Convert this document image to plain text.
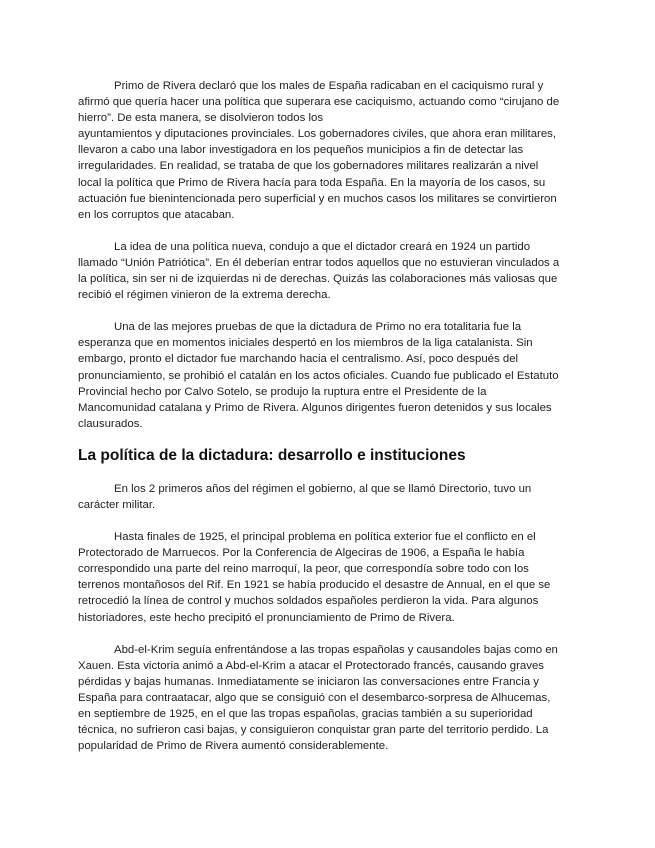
Primo de Rivera declaró que los males de España radicaban en el caciquismo rural y
afirmó que quería hacer una política que superara ese caciquismo, actuando como “cirujano de
hierro”. De esta manera, se disolvieron todos los
ayuntamientos y diputaciones provinciales. Los gobernadores civiles, que ahora eran militares,
llevaron a cabo una labor investigadora en los pequeños municipios a fin de detectar las
irregularidades. En realidad, se trataba de que los gobernadores militares realizarán a nivel
local la política que Primo de Rivera hacía para toda España. En la mayoría de los casos, su
actuación fue bienintencionada pero superficial y en muchos casos los militares se convirtieron
en los corruptos que atacaban.

La idea de una política nueva, condujo a que el dictador creará en 1924 un partido
llamado “Unión Patriótica”. En él deberían entrar todos aquellos que no estuvieran vinculados a
la política, sin ser ni de izquierdas ni de derechas. Quizás las colaboraciones más valiosas que
recibió el régimen vinieron de la extrema derecha.

Una de las mejores pruebas de que la dictadura de Primo no era totalitaria fue la
esperanza que en momentos iniciales despertó en los miembros de la liga catalanista. Sin
embargo, pronto el dictador fue marchando hacia el centralismo. Así, poco después del
pronunciamiento, se prohibió el catalán en los actos oficiales. Cuando fue publicado el Estatuto
Provincial hecho por Calvo Sotelo, se produjo la ruptura entre el Presidente de la
Mancomunidad catalana y Primo de Rivera. Algunos dirigentes fueron detenidos y sus locales
clausurados.

La política de la dictadura: desarrollo e instituciones

En los 2 primeros años del régimen el gobierno, al que se llamó Directorio, tuvo un
carácter militar.

Hasta finales de 1925, el principal problema en política exterior fue el conflicto en el
Protectorado de Marruecos. Por la Conferencia de Algeciras de 1906, a España le había
correspondido una parte del reino marroquí, la peor, que correspondía sobre todo con los
terrenos montañosos del Rif. En 1921 se había producido el desastre de Annual, en el que se
retrocedió la línea de control y muchos soldados españoles perdieron la vida. Para algunos
historiadores, este hecho precipitó el pronunciamiento de Primo de Rivera.

Abd-el-Krim seguía enfrentándose a las tropas españolas y causandoles bajas como en
Xauen. Esta victoria animó a Abd-el-Krim a atacar el Protectorado francés, causando graves
pérdidas y bajas humanas. Inmediatamente se iniciaron las conversaciones entre Francia y
España para contraatacar, algo que se consiguió con el desembarco-sorpresa de Alhucemas,
en septiembre de 1925, en el que las tropas españolas, gracias también a su superioridad
técnica, no sufrieron casi bajas, y consiguieron conquistar gran parte del territorio perdido. La
popularidad de Primo de Rivera aumentó considerablemente.
